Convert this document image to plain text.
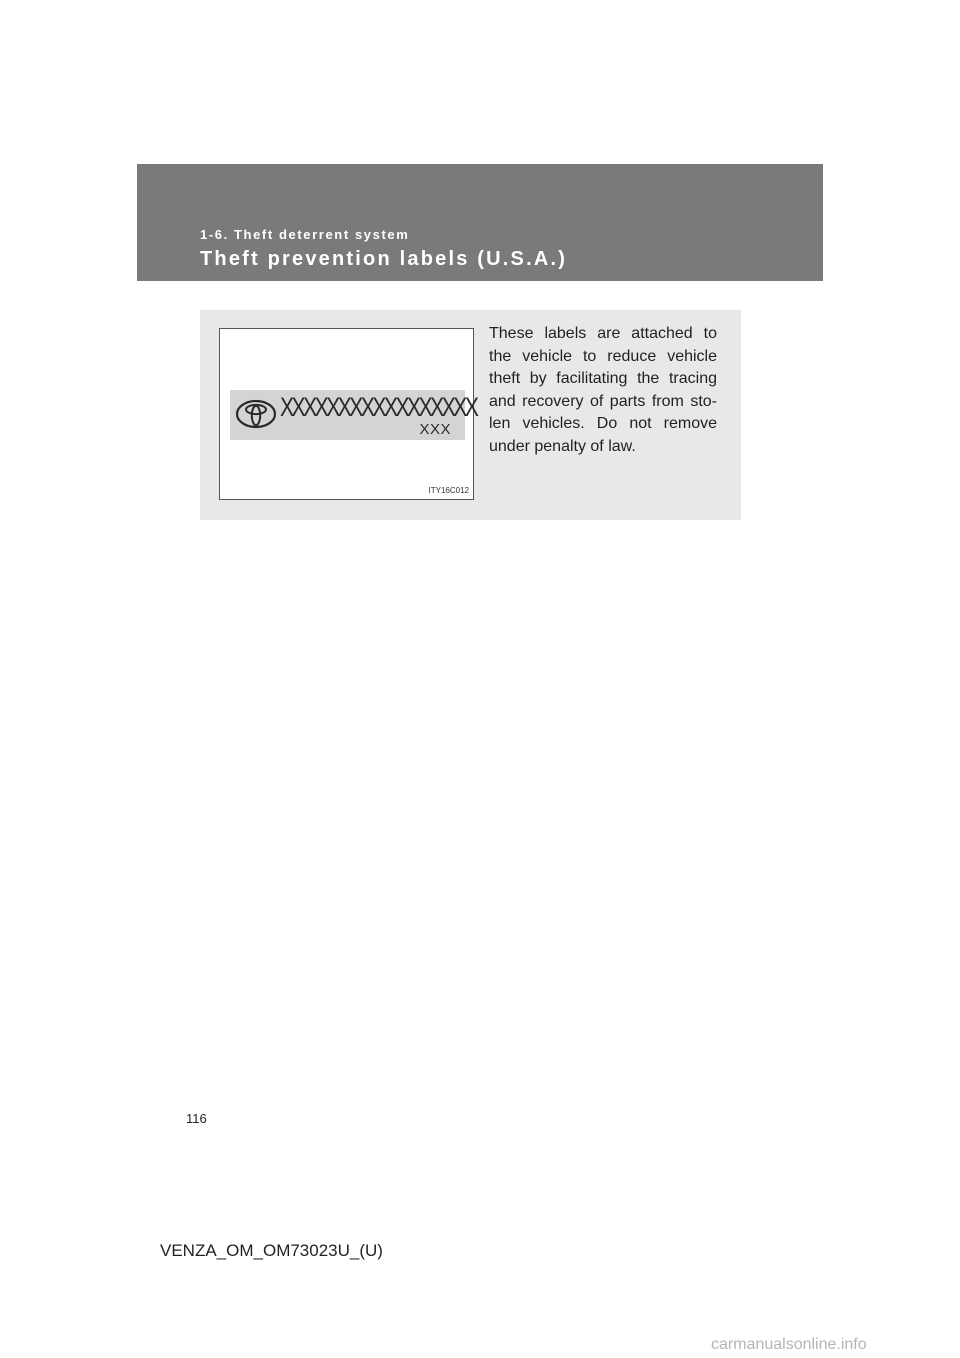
1-6. Theft deterrent system
Theft prevention labels (U.S.A.)
XXXXXXXXXXXXXXXXX
XXX
ITY16C012

These labels are attached to the vehicle to reduce vehicle theft by facilitating the tracing and recovery of parts from sto-len vehicles. Do not remove under penalty of law.

116
VENZA_OM_OM73023U_(U)
carmanualsonline.info
